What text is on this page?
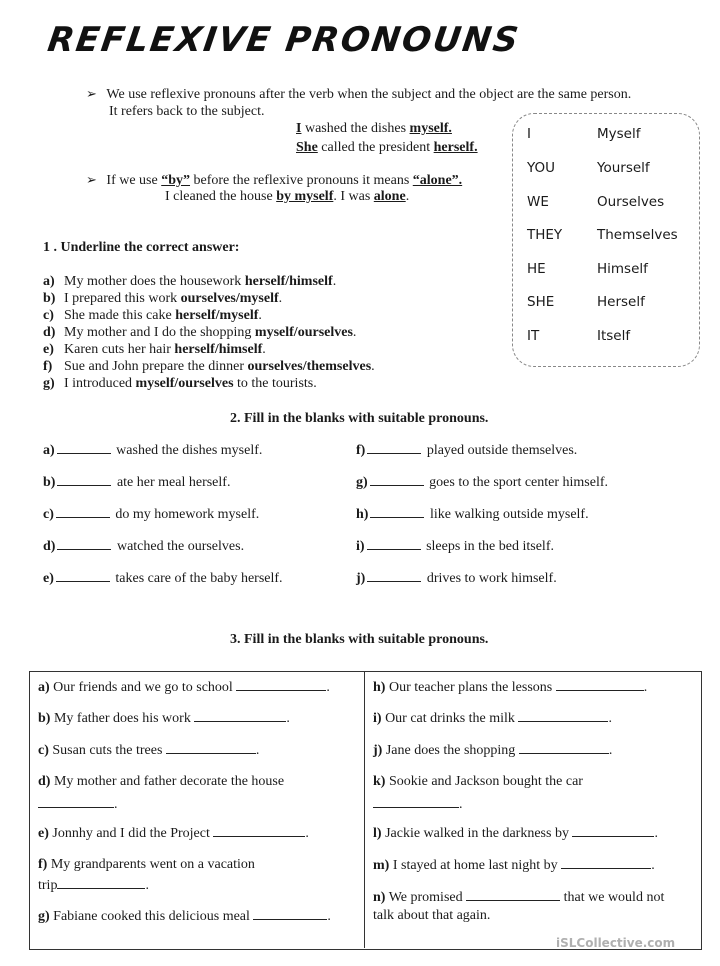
REFLEXIVE PRONOUNS
➢ We use reflexive pronouns after the verb when the subject and the object are the same person.
It refers back to the subject.
I washed the dishes myself.
She called the president herself.
➢ If we use “by” before the reflexive pronouns it means “alone”.
I cleaned the house by myself. I was alone.
I	Myself
YOU	Yourself
WE	Ourselves
THEY	Themselves
HE	Himself
SHE	Herself
IT	Itself
1 . Underline the correct answer:
a) My mother does the housework herself/himself.
b) I prepared this work ourselves/myself.
c) She made this cake herself/myself.
d) My mother and I do the shopping myself/ourselves.
e) Karen cuts her hair herself/himself.
f) Sue and John prepare the dinner ourselves/themselves.
g) I introduced myself/ourselves to the tourists.
2. Fill in the blanks with suitable pronouns.
a)	washed the dishes myself.
b)	ate her meal herself.
c)	do my homework myself.
d)	watched the ourselves.
e)	takes care of the baby herself.
f)	played outside themselves.
g)	goes to the sport center himself.
h)	like walking outside myself.
i)	sleeps in the bed itself.
j)	drives to work himself.
3. Fill in the blanks with suitable pronouns.
a) Our friends and we go to school	.
b) My father does his work	.
c) Susan cuts the trees	.
d) My mother and father decorate the house
.
e) Jonnhy and I did the Project	.
f) My grandparents went on a vacation
trip	.
g) Fabiane cooked this delicious meal	.
h) Our teacher plans the lessons	.
i) Our cat drinks the milk	.
j) Jane does the shopping	.
k) Sookie and Jackson bought the car
.
l) Jackie walked in the darkness by	.
m) I stayed at home last night by	.
n) We promised	that we would not
talk about that again.
iSLCollective.com
